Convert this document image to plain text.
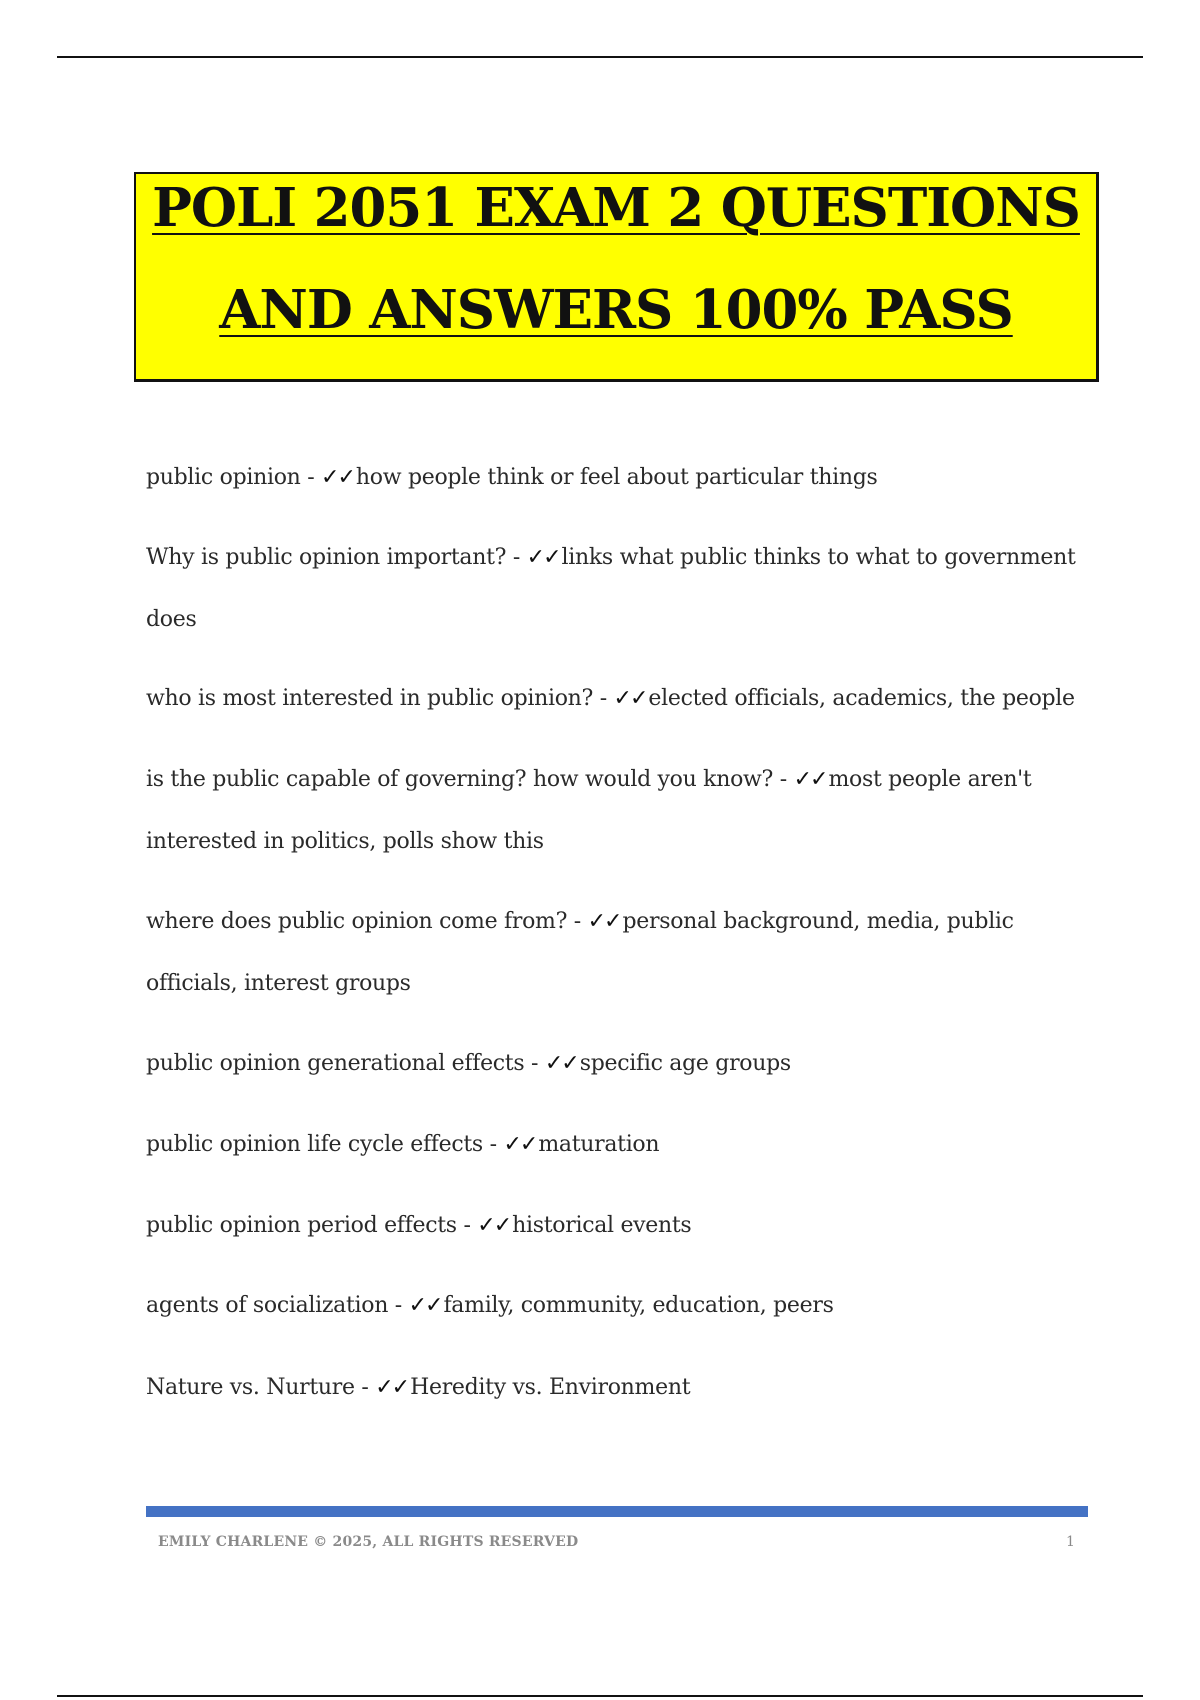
POLI 2051 EXAM 2 QUESTIONS
AND ANSWERS 100% PASS
public opinion - ✓✓how people think or feel about particular things
Why is public opinion important? - ✓✓links what public thinks to what to government does
who is most interested in public opinion? - ✓✓elected officials, academics, the people
is the public capable of governing? how would you know? - ✓✓most people aren't interested in politics, polls show this
where does public opinion come from? - ✓✓personal background, media, public officials, interest groups
public opinion generational effects - ✓✓specific age groups
public opinion life cycle effects - ✓✓maturation
public opinion period effects - ✓✓historical events
agents of socialization - ✓✓family, community, education, peers
Nature vs. Nurture - ✓✓Heredity vs. Environment
EMILY CHARLENE © 2025, ALL RIGHTS RESERVED	1
